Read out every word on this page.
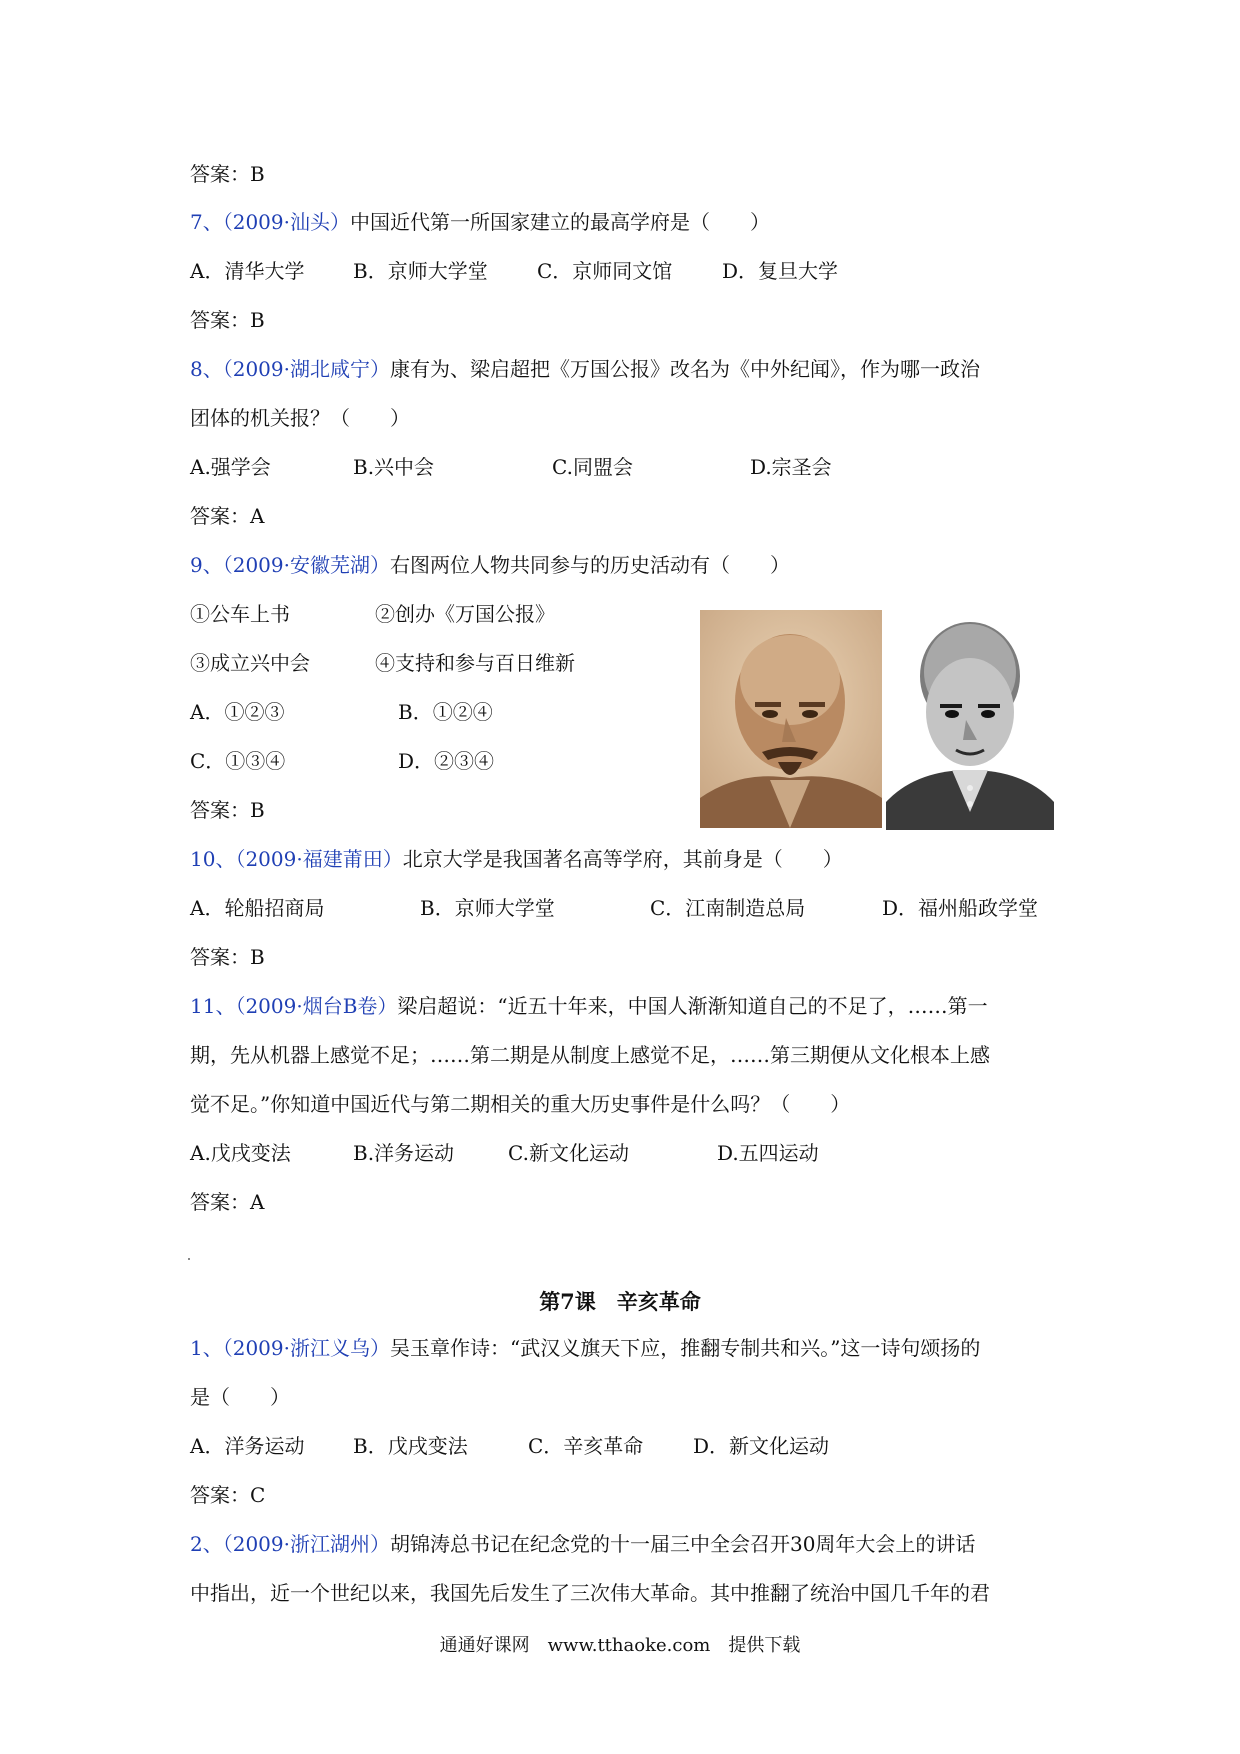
答案：B
7、（2009·汕头）中国近代第一所国家建立的最高学府是（　　）
A．清华大学 B．京师大学堂 C．京师同文馆 D．复旦大学
答案：B
8、（2009·湖北咸宁）康有为、梁启超把《万国公报》改名为《中外纪闻》，作为哪一政治
团体的机关报？（　　）
A.强学会	B.兴中会	C.同盟会	D.宗圣会
答案：A
9、（2009·安徽芜湖）右图两位人物共同参与的历史活动有（　　）
①公车上书	②创办《万国公报》
③成立兴中会	④支持和参与百日维新
A．①②③	B．①②④
C．①③④	D．②③④
答案：B
10、（2009·福建莆田）北京大学是我国著名高等学府，其前身是（　　）
A．轮船招商局	B．京师大学堂	C．江南制造总局	D．福州船政学堂
答案：B
11、（2009·烟台B卷）梁启超说：“近五十年来，中国人渐渐知道自己的不足了，……第一
期，先从机器上感觉不足；……第二期是从制度上感觉不足，……第三期便从文化根本上感
觉不足。”你知道中国近代与第二期相关的重大历史事件是什么吗？（　　）
A.戊戌变法	B.洋务运动	C.新文化运动	D.五四运动
答案：A
第7课　辛亥革命
1、（2009·浙江义乌）吴玉章作诗：“武汉义旗天下应，推翻专制共和兴。”这一诗句颂扬的
是（　　）
A．洋务运动 B．戊戌变法	C．辛亥革命 D．新文化运动
答案：C
2、（2009·浙江湖州）胡锦涛总书记在纪念党的十一届三中全会召开30周年大会上的讲话
中指出，近一个世纪以来，我国先后发生了三次伟大革命。其中推翻了统治中国几千年的君
通通好课网　www.tthaoke.com　提供下载
